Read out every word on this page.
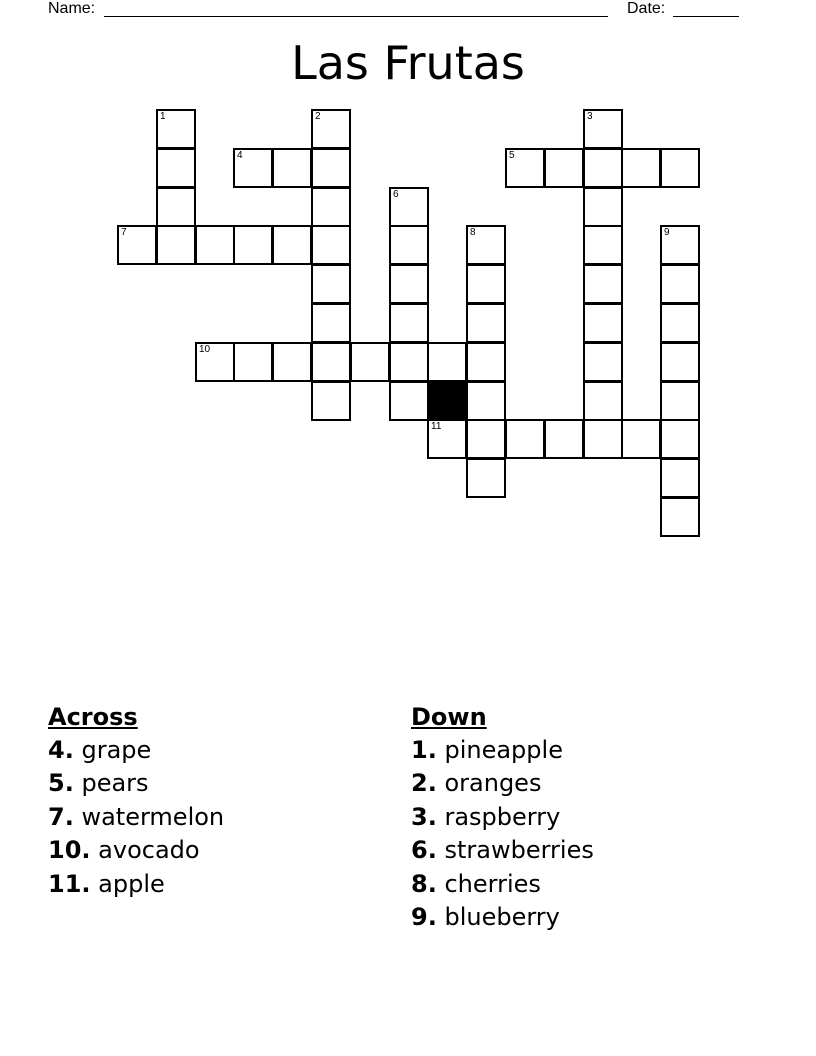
Name:	Date:
Las Frutas
1	2	3
4	5
6
7	8	9
10
11

Across

4. grape

5. pears

7. watermelon

10. avocado

11. apple

Down

1. pineapple

2. oranges

3. raspberry

6. strawberries

8. cherries

9. blueberry
